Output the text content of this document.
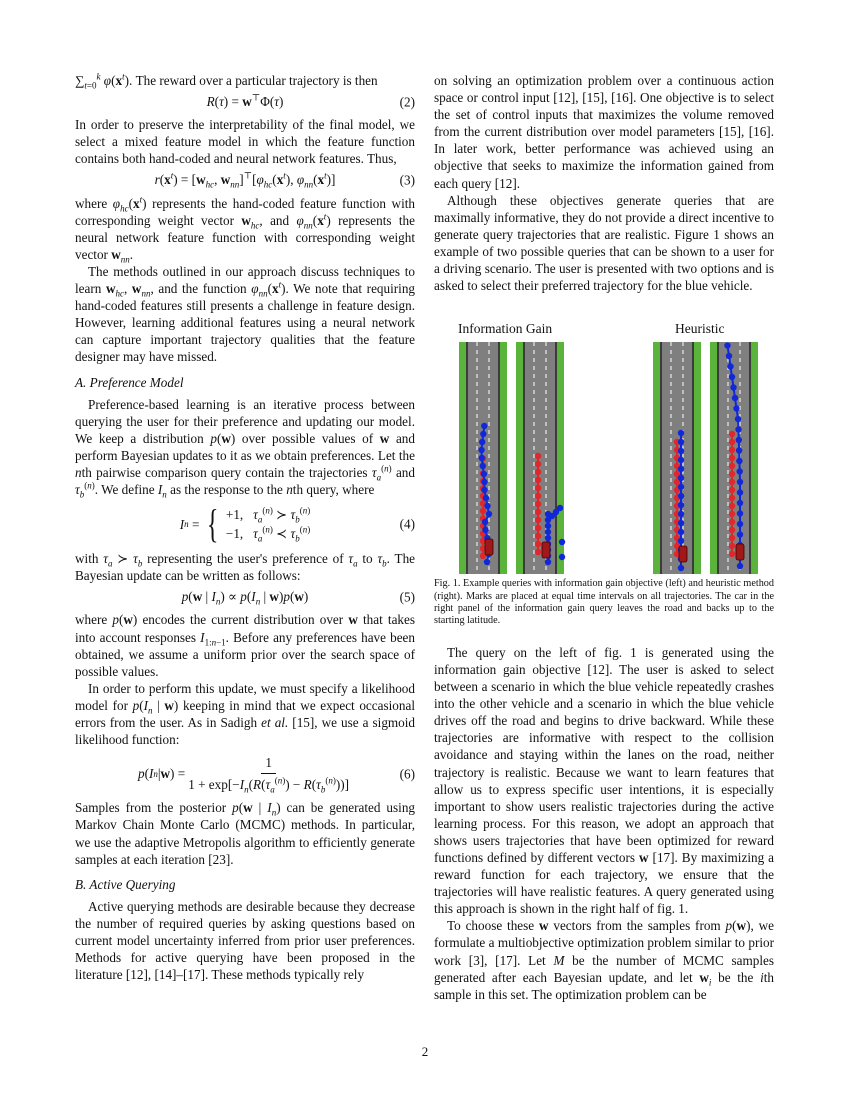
$\sum_{t=0}^k$ $\varphi(x^t)$. The reward over a particular trajectory is then

R(τ) = w⊤Φ(τ)	(2)

In order to preserve the interpretability of the final model, we select a mixed feature model in which the feature function contains both hand-coded and neural network features. Thus,

$r(x^t) = [w_{hc}$, $w_{nn}]^⊤[\varphi_{hc}(x^t)$, $\varphi_{nn}(x^t)$]	(3)

where $\varphi_{hc}(x^t)$ represents the hand-coded feature function with corresponding weight vector $w_{hc}$, and $\varphi_{nn}(x^t)$ represents the neural network feature function with corresponding weight vector $w_{nn}$.

The methods outlined in our approach discuss techniques to learn $w_{hc}$, $w_{nn}$, and the function $\varphi_{nn}(x^t)$. We note that requiring hand-coded features still presents a challenge in feature design. However, learning additional features using a neural network can capture important trajectory qualities that the feature designer may have missed.

A. Preference Model

Preference-based learning is an iterative process between querying the user for their preference and updating our model. We keep a distribution p(w) over possible values of w and perform Bayesian updates to it as we obtain preferences. Let the nth pairwise comparison query contain the trajectories $\tau_a^{(n)}$ and $\tau_b^{(n)}$. We define $I_n$ as the response to the nth query, where

I n = { +1,   $\tau_a^{(n)}$ ≻ $\tau_b^{(n)}$
−1,   $\tau_a^{(n)}$ ≺ $\tau_b^{(n)}$	(4)

with $\tau_a$ ≻ $\tau_b$ representing the user's preference of $\tau_a$ to $\tau_b$. The Bayesian update can be written as follows:

p(w | $I_n) \propto p(I_n$ | w)p(w)	(5)

where p(w) encodes the current distribution over w that takes into account responses $I_{1:n-1}$. Before any preferences have been obtained, we assume a uniform prior over the search space of possible values.

In order to perform this update, we must specify a likelihood model for $p(I_n$ | w) keeping in mind that we expect occasional errors from the user. As in Sadigh et al. [15], we use a sigmoid likelihood function:

p ( I n | w ) = $\frac{1}{1 + \exp[-I_n(R(\tau_a^{(n)}) - R(\tau_b^{(n)}))]}$	(6)

Samples from the posterior p(w | $I_n$) can be generated using Markov Chain Monte Carlo (MCMC) methods. In particular, we use the adaptive Metropolis algorithm to efficiently generate samples at each iteration [23].

B. Active Querying

Active querying methods are desirable because they decrease the number of required queries by asking questions based on current model uncertainty inferred from prior user preferences. Methods for active querying have been proposed in the literature [12], [14]–[17]. These methods typically rely

on solving an optimization problem over a continuous action space or control input [12], [15], [16]. One objective is to select the set of control inputs that maximizes the volume removed from the current distribution over model parameters [15], [16]. In later work, better performance was achieved using an objective that seeks to maximize the information gained from each query [12].

Although these objectives generate queries that are maximally informative, they do not provide a direct incentive to generate query trajectories that are realistic. Figure 1 shows an example of two possible queries that can be shown to a user for a driving scenario. The user is presented with two options and is asked to select their preferred trajectory for the blue vehicle.

Information Gain	Heuristic
Fig. 1. Example queries with information gain objective (left) and heuristic method (right). Marks are placed at equal time intervals on all trajectories. The car in the right panel of the information gain query leaves the road and backs up to the starting latitude.

The query on the left of fig. 1 is generated using the information gain objective [12]. The user is asked to select between a scenario in which the blue vehicle repeatedly crashes into the other vehicle and a scenario in which the blue vehicle drives off the road and begins to drive backward. While these trajectories are informative with respect to the collision avoidance and staying within the lanes on the road, neither trajectory is realistic. Because we want to learn features that allow us to express specific user intentions, it is especially important to show users realistic trajectories during the active learning process. For this reason, we adopt an approach that shows users trajectories that have been optimized for reward functions defined by different vectors w [17]. By maximizing a reward function for each trajectory, we ensure that the trajectories will have realistic features. A query generated using this approach is shown in the right half of fig. 1.

To choose these w vectors from the samples from p(w), we formulate a multiobjective optimization problem similar to prior work [3], [17]. Let M be the number of MCMC samples generated after each Bayesian update, and let $w_i$ be the ith sample in this set. The optimization problem can be

2
